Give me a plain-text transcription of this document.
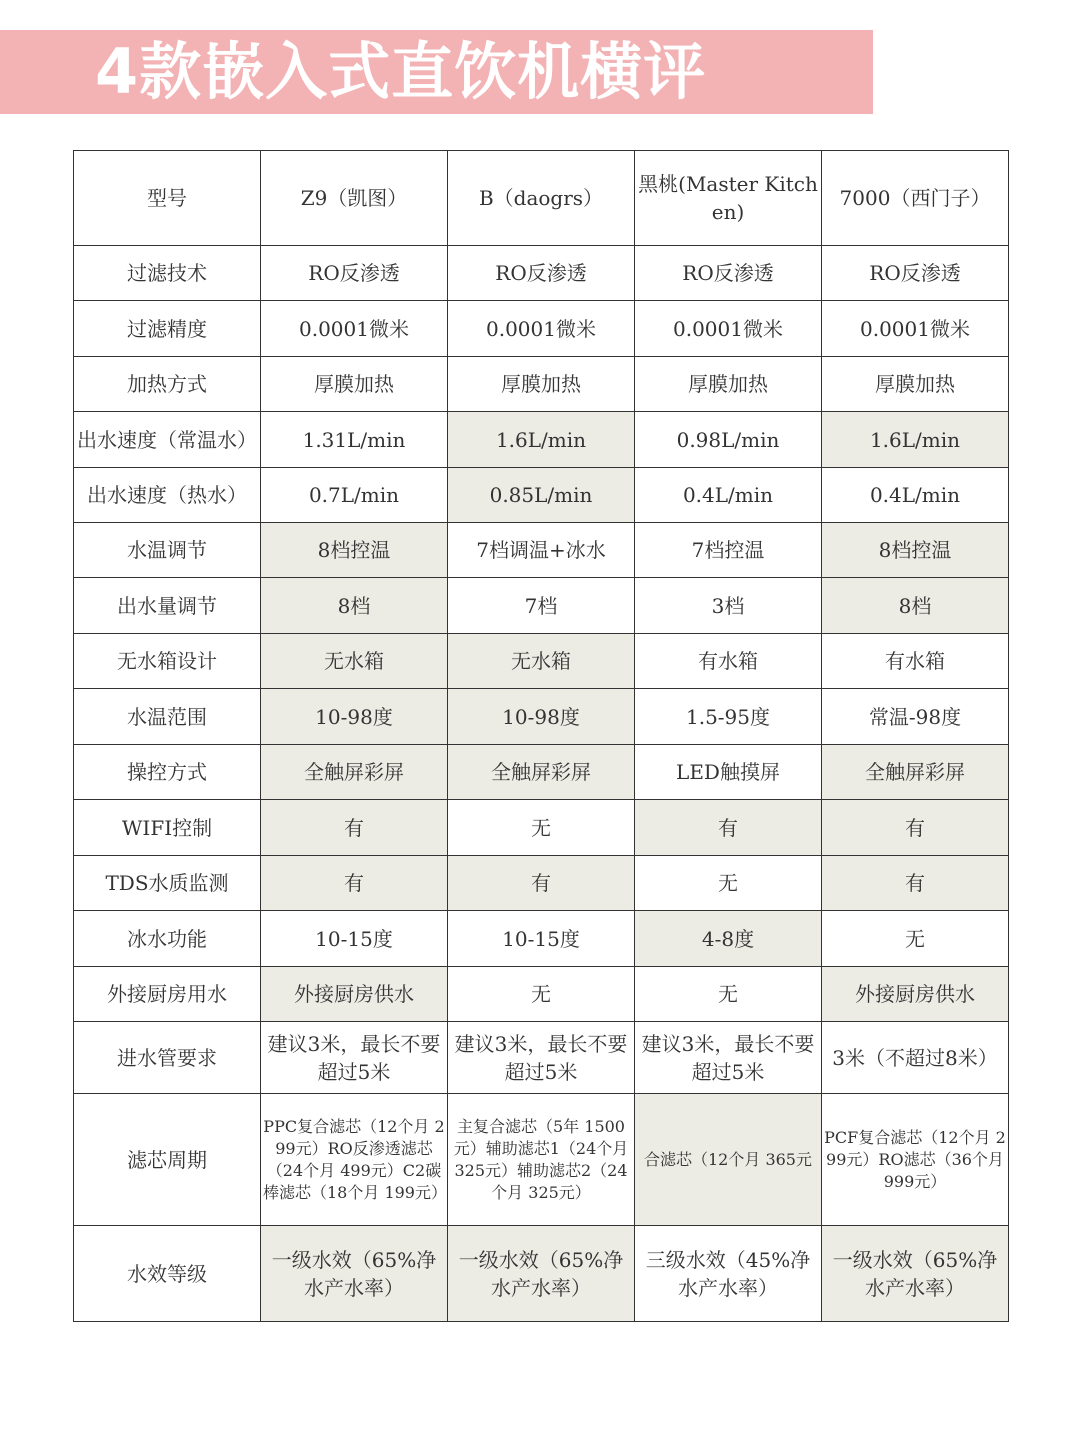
4款嵌入式直饮机横评
型号	Z9（凯图）	B（daogrs）	黑桃(Master Kitchen)	7000（西门子）
过滤技术	RO反渗透	RO反渗透	RO反渗透	RO反渗透
过滤精度	0.0001微米	0.0001微米	0.0001微米	0.0001微米
加热方式	厚膜加热	厚膜加热	厚膜加热	厚膜加热
出水速度（常温水）	1.31L/min	1.6L/min	0.98L/min	1.6L/min
出水速度（热水）	0.7L/min	0.85L/min	0.4L/min	0.4L/min
水温调节	8档控温	7档调温+冰水	7档控温	8档控温
出水量调节	8档	7档	3档	8档
无水箱设计	无水箱	无水箱	有水箱	有水箱
水温范围	10-98度	10-98度	1.5-95度	常温-98度
操控方式	全触屏彩屏	全触屏彩屏	LED触摸屏	全触屏彩屏
WIFI控制	有	无	有	有
TDS水质监测	有	有	无	有
冰水功能	10-15度	10-15度	4-8度	无
外接厨房用水	外接厨房供水	无	无	外接厨房供水
进水管要求	建议3米，最长不要超过5米	建议3米，最长不要超过5米	建议3米，最长不要超过5米	3米（不超过8米）
滤芯周期	PPC复合滤芯（12个月 299元）RO反渗透滤芯（24个月 499元）C2碳棒滤芯（18个月 199元）	主复合滤芯（5年 1500元）辅助滤芯1（24个月 325元）辅助滤芯2（24个月 325元）	合滤芯（12个月 365元	PCF复合滤芯（12个月 299元）RO滤芯（36个月 999元）
水效等级	一级水效（65%净水产水率）	一级水效（65%净水产水率）	三级水效（45%净水产水率）	一级水效（65%净水产水率）
